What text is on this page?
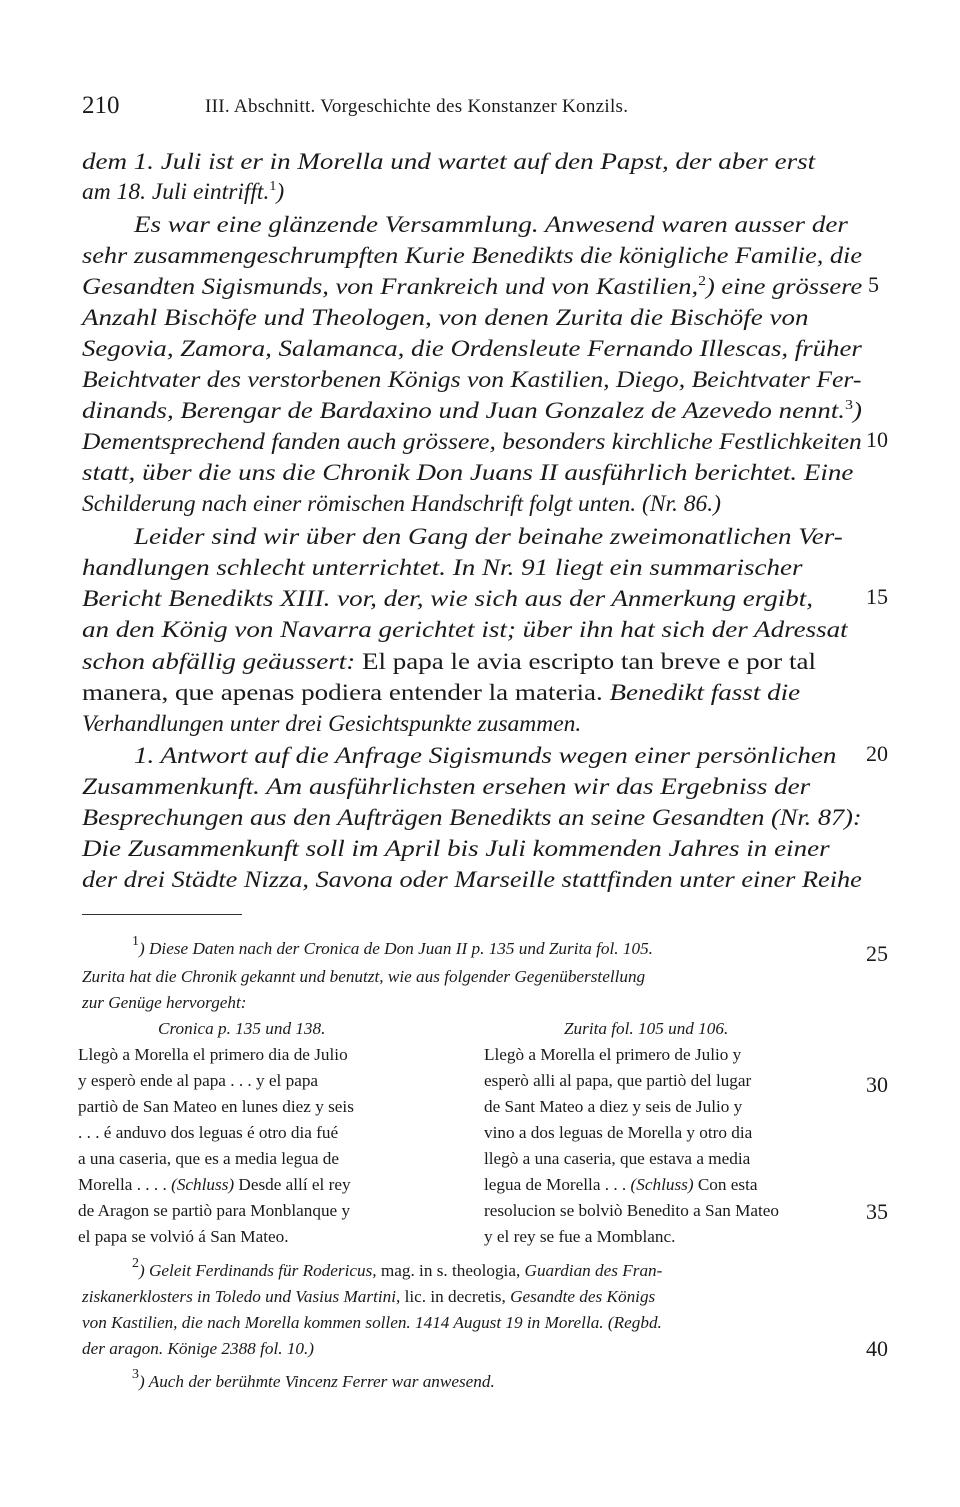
210	III. Abschnitt. Vorgeschichte des Konstanzer Konzils.
dem 1. Juli ist er in Morella und wartet auf den Papst, der aber erst
am 18. Juli eintrifft.$^1$)
Es war eine glänzende Versammlung. Anwesend waren ausser der
sehr zusammengeschrumpften Kurie Benedikts die königliche Familie, die
Gesandten Sigismunds, von Frankreich und von Kastilien,$^2$) eine grössere
Anzahl Bischöfe und Theologen, von denen Zurita die Bischöfe von
Segovia, Zamora, Salamanca, die Ordensleute Fernando Illescas, früher
Beichtvater des verstorbenen Königs von Kastilien, Diego, Beichtvater Fer-
dinands, Berengar de Bardaxino und Juan Gonzalez de Azevedo nennt.$^3$)
Dementsprechend fanden auch grössere, besonders kirchliche Festlichkeiten
statt, über die uns die Chronik Don Juans II ausführlich berichtet. Eine
Schilderung nach einer römischen Handschrift folgt unten. (Nr. 86.)
Leider sind wir über den Gang der beinahe zweimonatlichen Ver-
handlungen schlecht unterrichtet. In Nr. 91 liegt ein summarischer
Bericht Benedikts XIII. vor, der, wie sich aus der Anmerkung ergibt,
an den König von Navarra gerichtet ist; über ihn hat sich der Adressat
schon abfällig geäussert: El papa le avia escripto tan breve e por tal
manera, que apenas podiera entender la materia. Benedikt fasst die
Verhandlungen unter drei Gesichtspunkte zusammen.
1. Antwort auf die Anfrage Sigismunds wegen einer persönlichen
Zusammenkunft. Am ausführlichsten ersehen wir das Ergebniss der
Besprechungen aus den Aufträgen Benedikts an seine Gesandten (Nr. 87):
Die Zusammenkunft soll im April bis Juli kommenden Jahres in einer
der drei Städte Nizza, Savona oder Marseille stattfinden unter einer Reihe
5
10
15
20
25
30
35
40
$^1$) Diese Daten nach der Cronica de Don Juan II p. 135 und Zurita fol. 105.
Zurita hat die Chronik gekannt und benutzt, wie aus folgender Gegenüberstellung
zur Genüge hervorgeht:
Cronica p. 135 und 138.
Llegò a Morella el primero dia de Julio
y esperò ende al papa . . . y el papa
partiò de San Mateo en lunes diez y seis
. . . é anduvo dos leguas é otro dia fué
a una caseria, que es a media legua de
Morella . . . . (Schluss) Desde allí el rey
de Aragon se partiò para Monblanque y
el papa se volvió á San Mateo.
Zurita fol. 105 und 106.
Llegò a Morella el primero de Julio y
esperò alli al papa, que partiò del lugar
de Sant Mateo a diez y seis de Julio y
vino a dos leguas de Morella y otro dia
llegò a una caseria, que estava a media
legua de Morella . . . (Schluss) Con esta
resolucion se bolviò Benedito a San Mateo
y el rey se fue a Momblanc.
$^2$) Geleit Ferdinands für Rodericus, mag. in s. theologia, Guardian des Fran-
ziskanerklosters in Toledo und Vasius Martini, lic. in decretis, Gesandte des Königs
von Kastilien, die nach Morella kommen sollen. 1414 August 19 in Morella. (Regbd.
der aragon. Könige 2388 fol. 10.)
$^3$) Auch der berühmte Vincenz Ferrer war anwesend.
